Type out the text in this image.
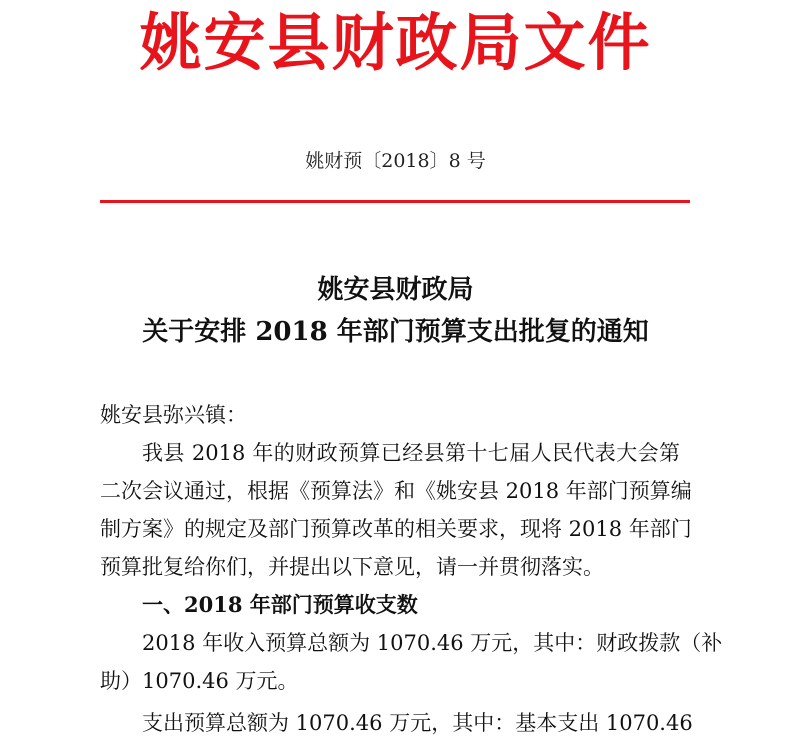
姚安县财政局文件
姚财预〔2018〕8 号
姚安县财政局
关于安排 2018 年部门预算支出批复的通知
姚安县弥兴镇：
我县 2018 年的财政预算已经县第十七届人民代表大会第
二次会议通过，根据《预算法》和《姚安县 2018 年部门预算编
制方案》的规定及部门预算改革的相关要求，现将 2018 年部门
预算批复给你们，并提出以下意见，请一并贯彻落实。
一、2018 年部门预算收支数
2018 年收入预算总额为 1070.46 万元，其中：财政拨款（补
助）1070.46 万元。
支出预算总额为 1070.46 万元，其中：基本支出 1070.46
